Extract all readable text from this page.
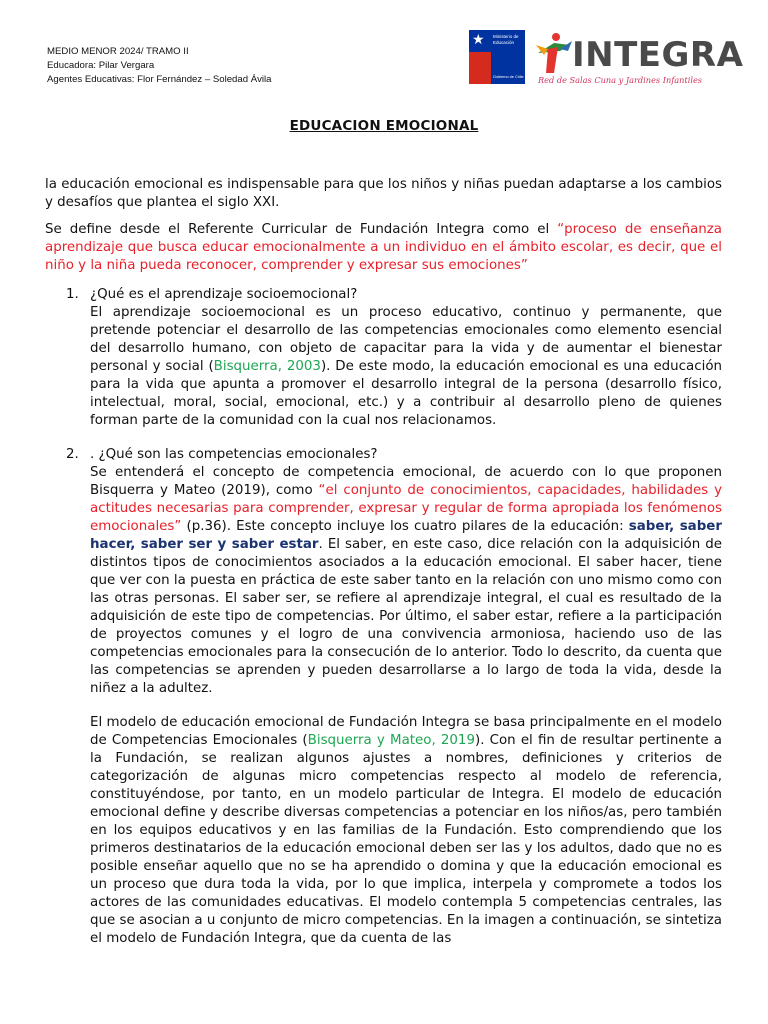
MEDIO MENOR 2024/ TRAMO II
Educadora: Pilar Vergara
Agentes Educativas: Flor Fernández – Soledad Ávila
★ Ministerio de
Educación
Gobierno de Chile
INTEGRA
Red de Salas Cuna y Jardines Infantiles
EDUCACION EMOCIONAL

la educación emocional es indispensable para que los niños y niñas puedan adaptarse a los cambios y desafíos que plantea el siglo XXI.

Se define desde el Referente Curricular de Fundación Integra como el “proceso de enseñanza aprendizaje que busca educar emocionalmente a un individuo en el ámbito escolar, es decir, que el niño y la niña pueda reconocer, comprender y expresar sus emociones”

1. ¿Qué es el aprendizaje socioemocional?
El aprendizaje socioemocional es un proceso educativo, continuo y permanente, que pretende potenciar el desarrollo de las competencias emocionales como elemento esencial del desarrollo humano, con objeto de capacitar para la vida y de aumentar el bienestar personal y social (Bisquerra, 2003). De este modo, la educación emocional es una educación para la vida que apunta a promover el desarrollo integral de la persona (desarrollo físico, intelectual, moral, social, emocional, etc.) y a contribuir al desarrollo pleno de quienes forman parte de la comunidad con la cual nos relacionamos.
2. . ¿Qué son las competencias emocionales?
Se entenderá el concepto de competencia emocional, de acuerdo con lo que proponen Bisquerra y Mateo (2019), como “el conjunto de conocimientos, capacidades, habilidades y actitudes necesarias para comprender, expresar y regular de forma apropiada los fenómenos emocionales” (p.36). Este concepto incluye los cuatro pilares de la educación: saber, saber hacer, saber ser y saber estar. El saber, en este caso, dice relación con la adquisición de distintos tipos de conocimientos asociados a la educación emocional. El saber hacer, tiene que ver con la puesta en práctica de este saber tanto en la relación con uno mismo como con las otras personas. El saber ser, se refiere al aprendizaje integral, el cual es resultado de la adquisición de este tipo de competencias. Por último, el saber estar, refiere a la participación de proyectos comunes y el logro de una convivencia armoniosa, haciendo uso de las competencias emocionales para la consecución de lo anterior. Todo lo descrito, da cuenta que las competencias se aprenden y pueden desarrollarse a lo largo de toda la vida, desde la niñez a la adultez.
El modelo de educación emocional de Fundación Integra se basa principalmente en el modelo de Competencias Emocionales (Bisquerra y Mateo, 2019). Con el fin de resultar pertinente a la Fundación, se realizan algunos ajustes a nombres, definiciones y criterios de categorización de algunas micro competencias respecto al modelo de referencia, constituyéndose, por tanto, en un modelo particular de Integra. El modelo de educación emocional define y describe diversas competencias a potenciar en los niños/as, pero también en los equipos educativos y en las familias de la Fundación. Esto comprendiendo que los primeros destinatarios de la educación emocional deben ser las y los adultos, dado que no es posible enseñar aquello que no se ha aprendido o domina y que la educación emocional es un proceso que dura toda la vida, por lo que implica, interpela y compromete a todos los actores de las comunidades educativas. El modelo contempla 5 competencias centrales, las que se asocian a u conjunto de micro competencias. En la imagen a continuación, se sintetiza el modelo de Fundación Integra, que da cuenta de las
